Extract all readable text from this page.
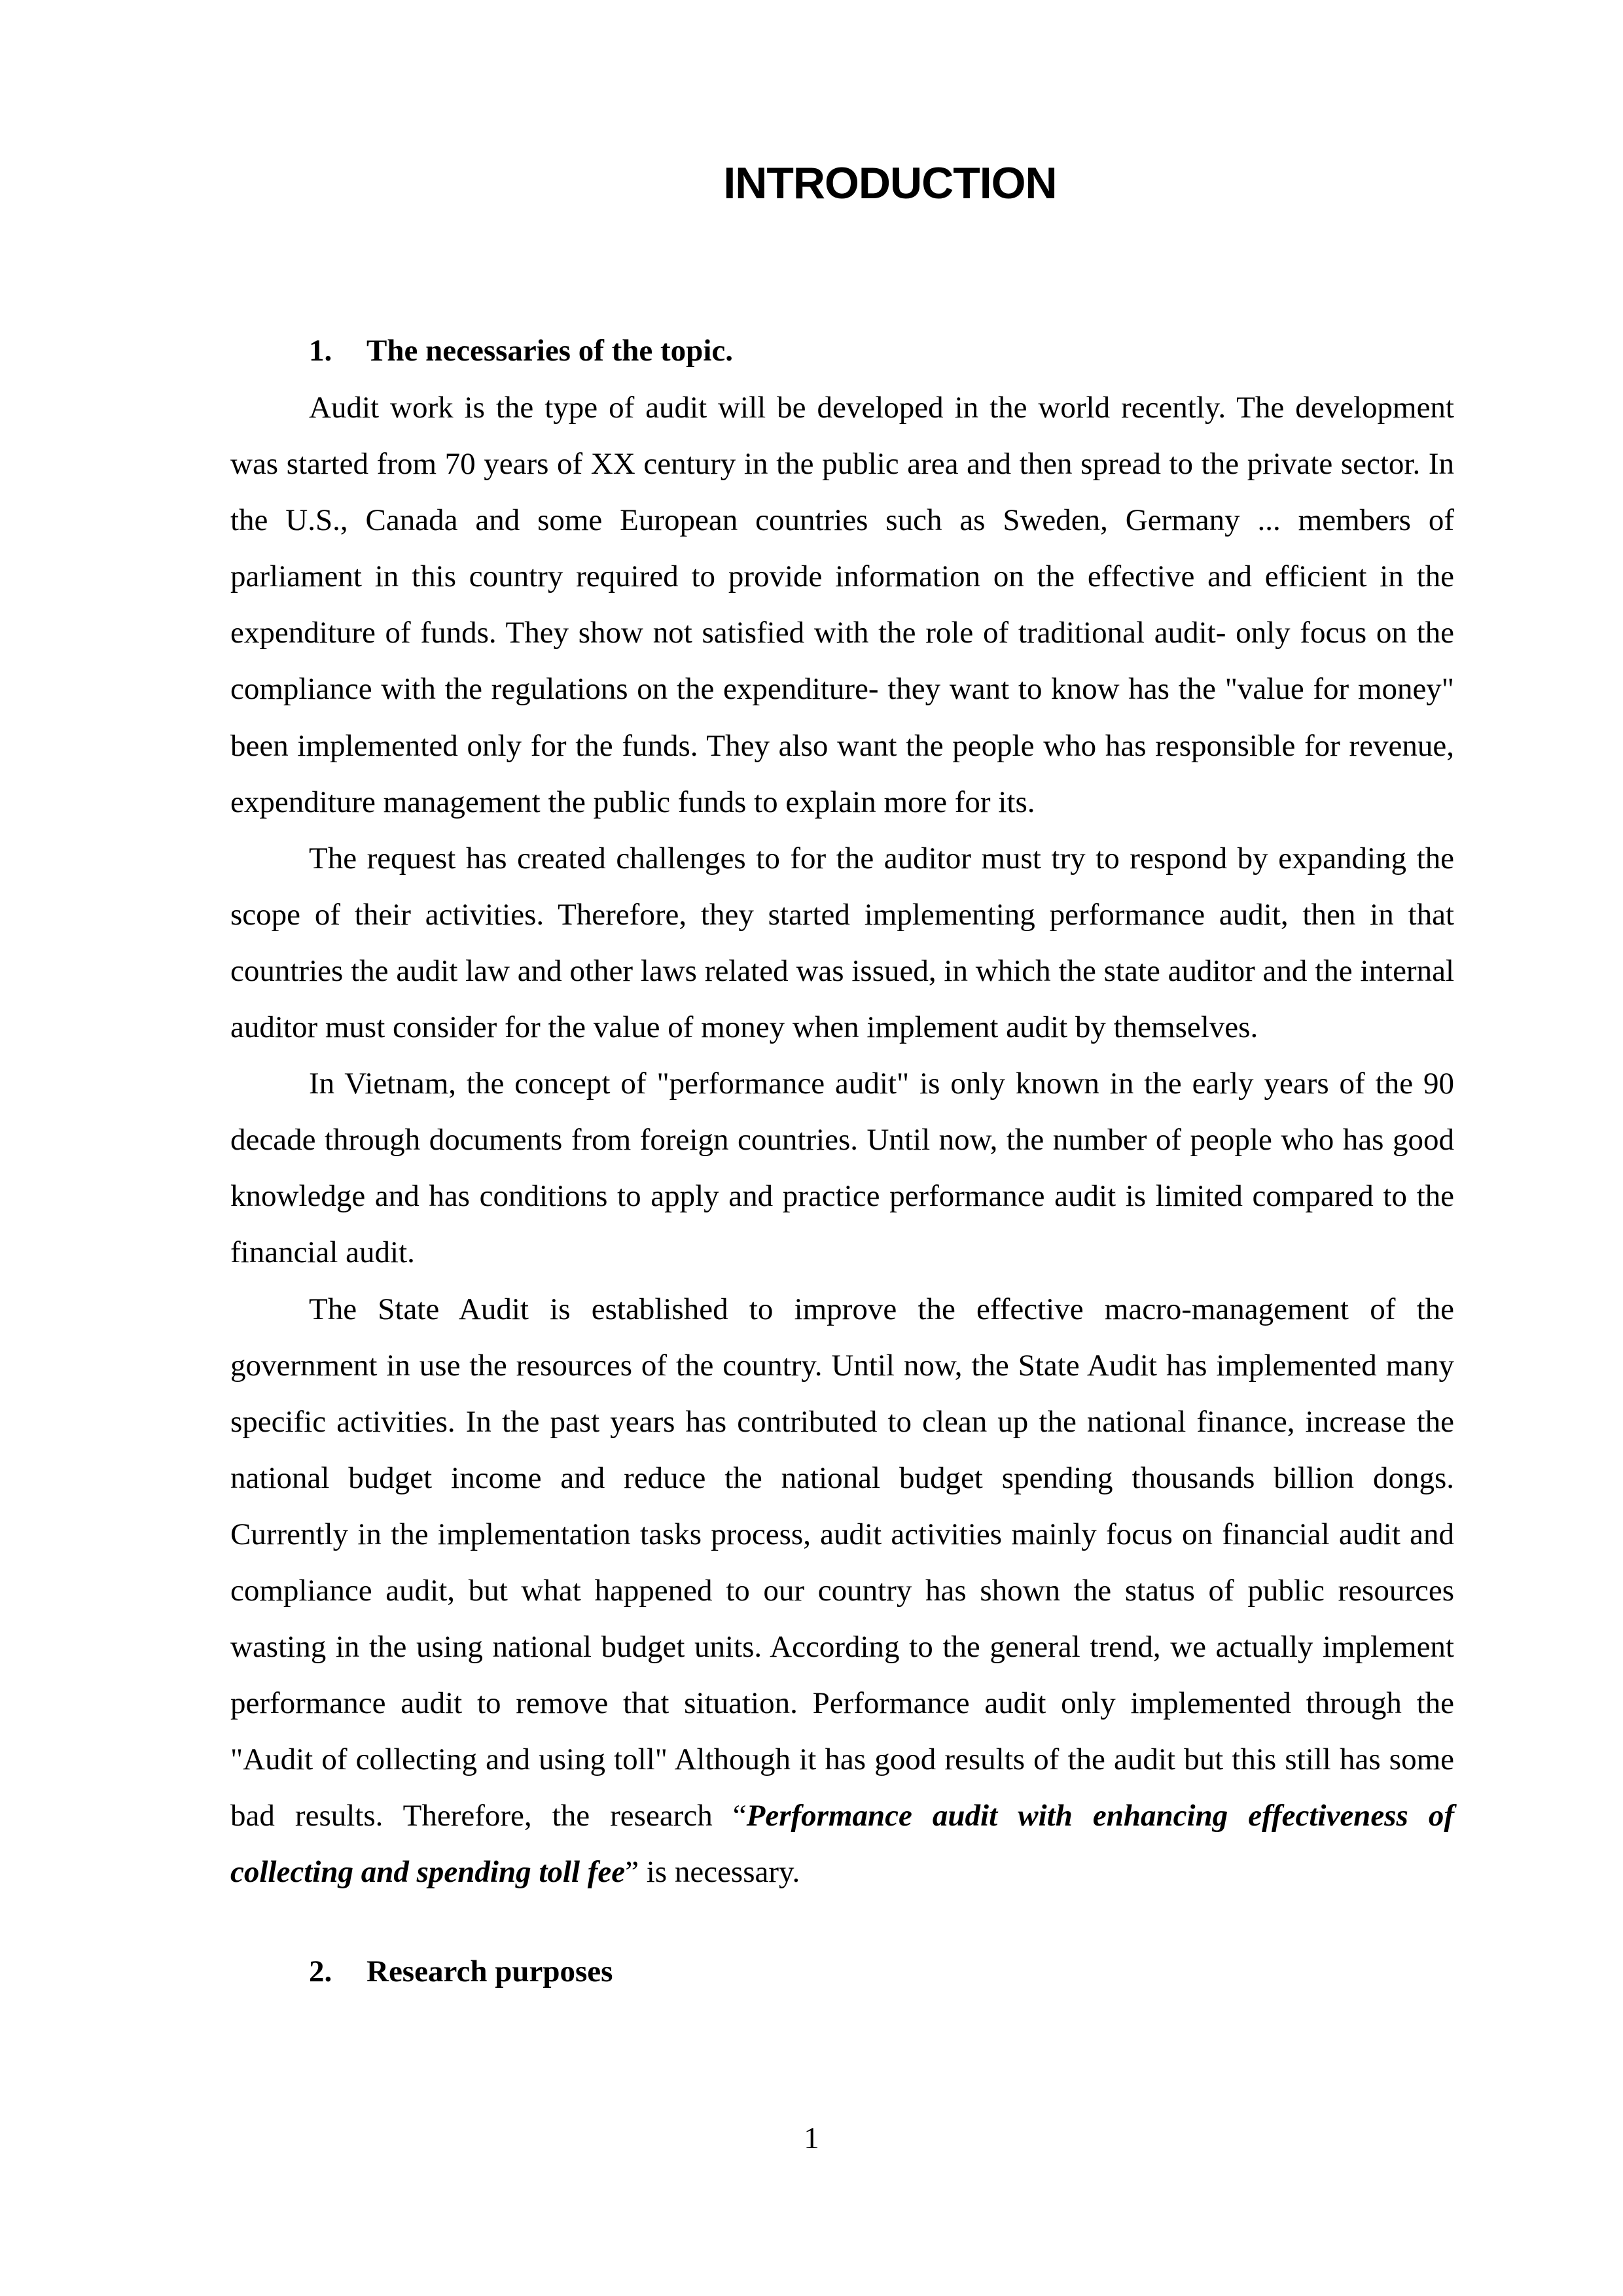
INTRODUCTION
1. The necessaries of the topic.

Audit work is the type of audit will be developed in the world recently. The development was started from 70 years of XX century in the public area and then spread to the private sector. In the U.S., Canada and some European countries such as Sweden, Germany ... members of parliament in this country required to provide information on the effective and efficient in the expenditure of funds. They show not satisfied with the role of traditional audit- only focus on the compliance with the regulations on the expenditure- they want to know has the "value for money" been implemented only for the funds. They also want the people who has responsible for revenue, expenditure management the public funds to explain more for its.

The request has created challenges to for the auditor must try to respond by expanding the scope of their activities. Therefore, they started implementing performance audit, then in that countries the audit law and other laws related was issued, in which the state auditor and the internal auditor must consider for the value of money when implement audit by themselves.

In Vietnam, the concept of "performance audit" is only known in the early years of the 90 decade through documents from foreign countries. Until now, the number of people who has good knowledge and has conditions to apply and practice performance audit is limited compared to the financial audit.

The State Audit is established to improve the effective macro-management of the government in use the resources of the country. Until now, the State Audit has implemented many specific activities. In the past years has contributed to clean up the national finance, increase the national budget income and reduce the national budget spending thousands billion dongs. Currently in the implementation tasks process, audit activities mainly focus on financial audit and compliance audit, but what happened to our country has shown the status of public resources wasting in the using national budget units. According to the general trend, we actually implement performance audit to remove that situation. Performance audit only implemented through the "Audit of collecting and using toll" Although it has good results of the audit but this still has some bad results. Therefore, the research “Performance audit with enhancing effectiveness of collecting and spending toll fee” is necessary.

2. Research purposes
1
